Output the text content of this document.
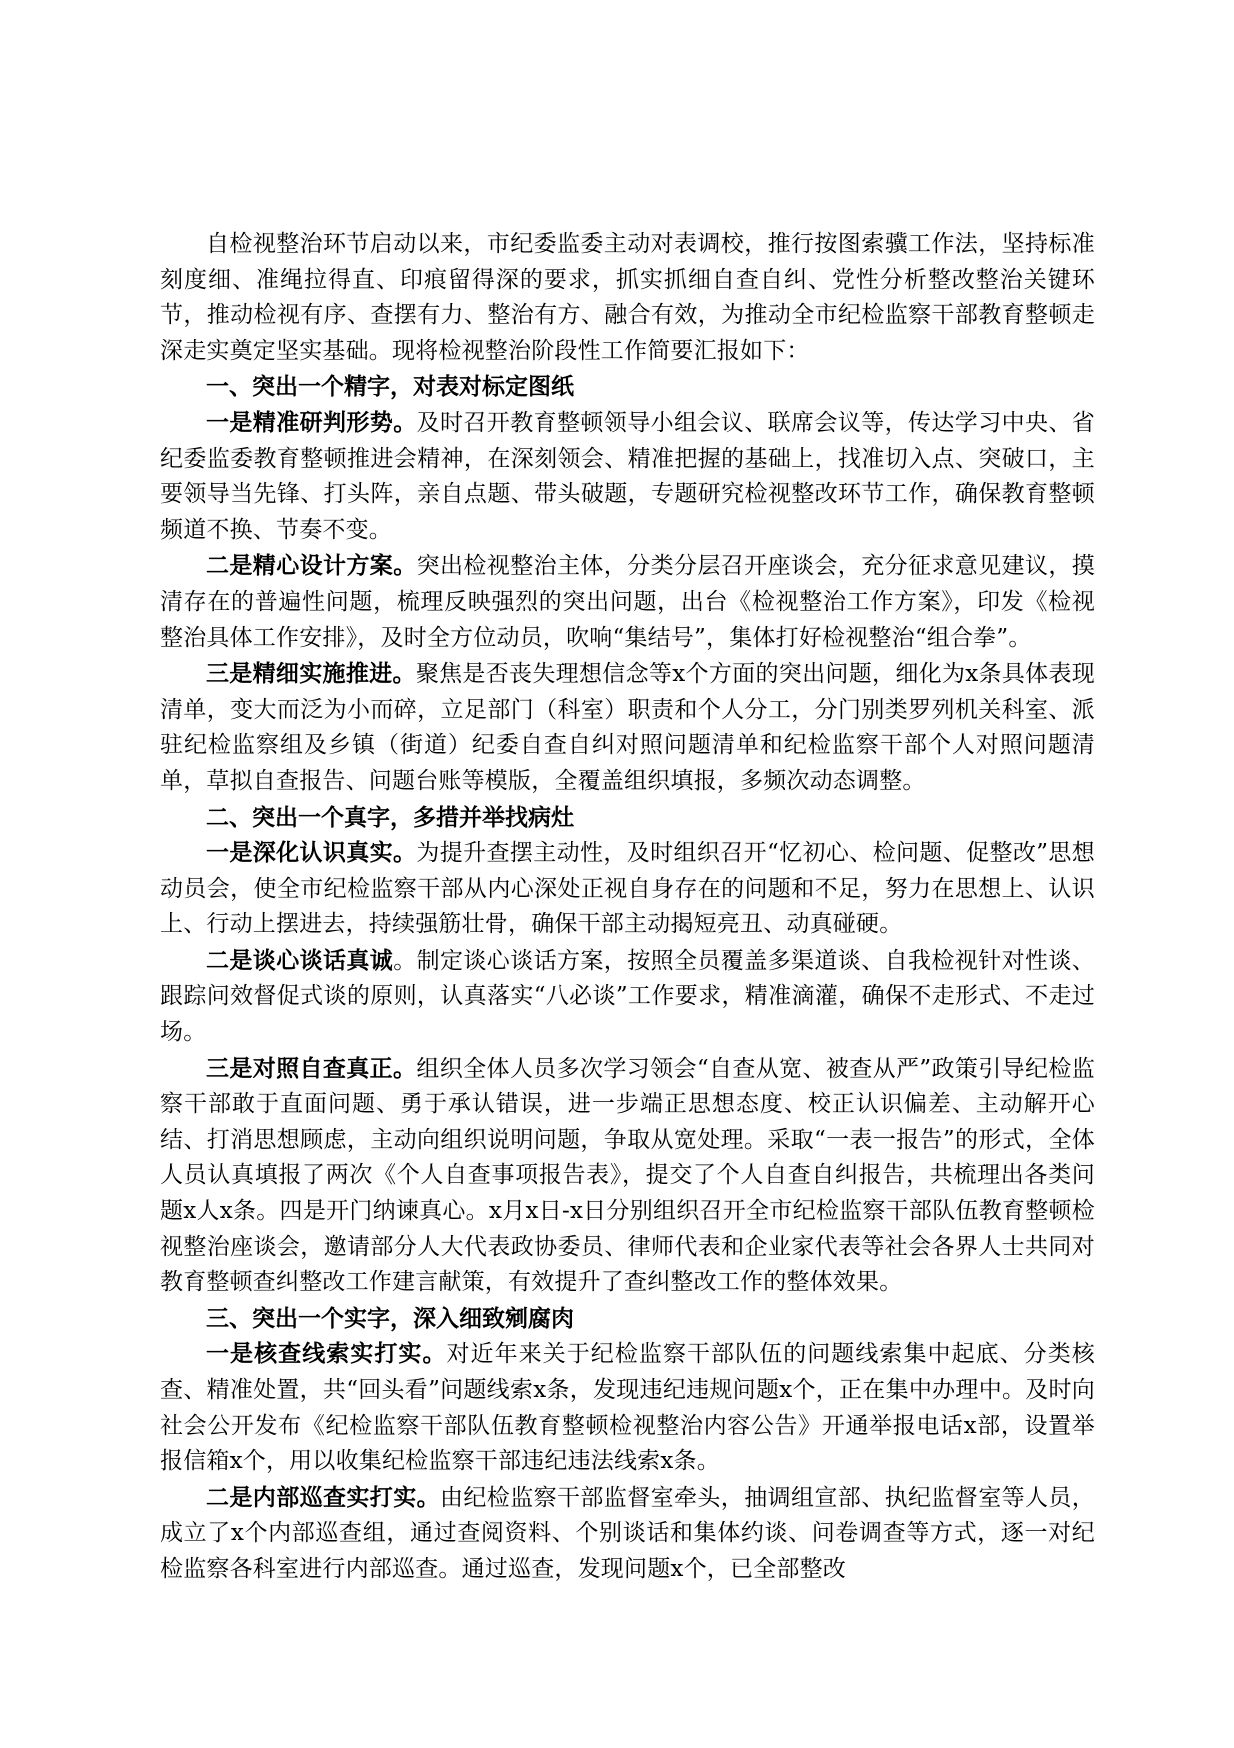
自检视整治环节启动以来，市纪委监委主动对表调校，推行按图索骥工作法，坚持标准刻度细、准绳拉得直、印痕留得深的要求，抓实抓细自查自纠、党性分析整改整治关键环节，推动检视有序、查摆有力、整治有方、融合有效，为推动全市纪检监察干部教育整顿走深走实奠定坚实基础。现将检视整治阶段性工作简要汇报如下：

一、突出一个精字，对表对标定图纸

一是精准研判形势。及时召开教育整顿领导小组会议、联席会议等，传达学习中央、省纪委监委教育整顿推进会精神，在深刻领会、精准把握的基础上，找准切入点、突破口，主要领导当先锋、打头阵，亲自点题、带头破题，专题研究检视整改环节工作，确保教育整顿频道不换、节奏不变。

二是精心设计方案。突出检视整治主体，分类分层召开座谈会，充分征求意见建议，摸清存在的普遍性问题，梳理反映强烈的突出问题，出台《检视整治工作方案》，印发《检视整治具体工作安排》，及时全方位动员，吹响“集结号”，集体打好检视整治“组合拳”。

三是精细实施推进。聚焦是否丧失理想信念等x个方面的突出问题，细化为x条具体表现清单，变大而泛为小而碎，立足部门（科室）职责和个人分工，分门别类罗列机关科室、派驻纪检监察组及乡镇（街道）纪委自查自纠对照问题清单和纪检监察干部个人对照问题清单，草拟自查报告、问题台账等模版，全覆盖组织填报，多频次动态调整。

二、突出一个真字，多措并举找病灶

一是深化认识真实。为提升查摆主动性，及时组织召开“忆初心、检问题、促整改”思想动员会，使全市纪检监察干部从内心深处正视自身存在的问题和不足，努力在思想上、认识上、行动上摆进去，持续强筋壮骨，确保干部主动揭短亮丑、动真碰硬。

二是谈心谈话真诚。制定谈心谈话方案，按照全员覆盖多渠道谈、自我检视针对性谈、跟踪问效督促式谈的原则，认真落实“八必谈”工作要求，精准滴灌，确保不走形式、不走过场。

三是对照自查真正。组织全体人员多次学习领会“自查从宽、被查从严”政策引导纪检监察干部敢于直面问题、勇于承认错误，进一步端正思想态度、校正认识偏差、主动解开心结、打消思想顾虑，主动向组织说明问题，争取从宽处理。采取“一表一报告”的形式，全体人员认真填报了两次《个人自查事项报告表》，提交了个人自查自纠报告，共梳理出各类问题x人x条。四是开门纳谏真心。x月x日-x日分别组织召开全市纪检监察干部队伍教育整顿检视整治座谈会，邀请部分人大代表政协委员、律师代表和企业家代表等社会各界人士共同对教育整顿查纠整改工作建言献策，有效提升了查纠整改工作的整体效果。

三、突出一个实字，深入细致剜腐肉

一是核查线索实打实。对近年来关于纪检监察干部队伍的问题线索集中起底、分类核查、精准处置，共“回头看”问题线索x条，发现违纪违规问题x个，正在集中办理中。及时向社会公开发布《纪检监察干部队伍教育整顿检视整治内容公告》开通举报电话x部，设置举报信箱x个，用以收集纪检监察干部违纪违法线索x条。

二是内部巡查实打实。由纪检监察干部监督室牵头，抽调组宣部、执纪监督室等人员，成立了x个内部巡查组，通过查阅资料、个别谈话和集体约谈、问卷调查等方式，逐一对纪检监察各科室进行内部巡查。通过巡查，发现问题x个，已全部整改
